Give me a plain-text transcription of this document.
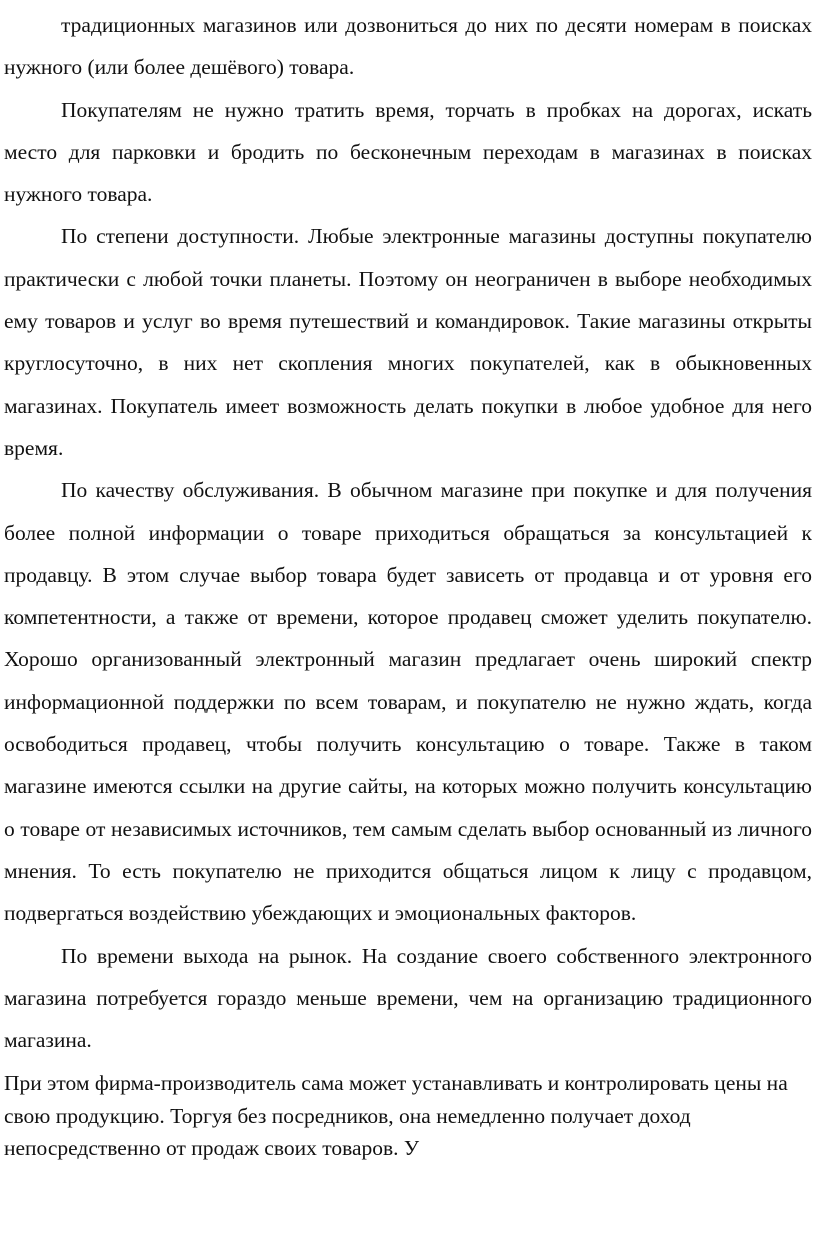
традиционных магазинов или дозвониться до них по десяти номерам в поисках нужного (или более дешёвого) товара.

Покупателям не нужно тратить время, торчать в пробках на дорогах, искать место для парковки и бродить по бесконечным переходам в магазинах в поисках нужного товара.

По степени доступности. Любые электронные магазины доступны покупателю практически с любой точки планеты. Поэтому он неограничен в выборе необходимых ему товаров и услуг во время путешествий и командировок. Такие магазины открыты круглосуточно, в них нет скопления многих покупателей, как в обыкновенных магазинах. Покупатель имеет возможность делать покупки в любое удобное для него время.

По качеству обслуживания. В обычном магазине при покупке и для получения более полной информации о товаре приходиться обращаться за консультацией к продавцу. В этом случае выбор товара будет зависеть от продавца и от уровня его компетентности, а также от времени, которое продавец сможет уделить покупателю. Хорошо организованный электронный магазин предлагает очень широкий спектр информационной поддержки по всем товарам, и покупателю не нужно ждать, когда освободиться продавец, чтобы получить консультацию о товаре. Также в таком магазине имеются ссылки на другие сайты, на которых можно получить консультацию о товаре от независимых источников, тем самым сделать выбор основанный из личного мнения. То есть покупателю не приходится общаться лицом к лицу с продавцом, подвергаться воздействию убеждающих и эмоциональных факторов.

По времени выхода на рынок. На создание своего собственного электронного магазина потребуется гораздо меньше времени, чем на организацию традиционного магазина.

При этом фирма-производитель сама может устанавливать и контролировать цены на свою продукцию. Торгуя без посредников, она немедленно получает доход непосредственно от продаж своих товаров. У
